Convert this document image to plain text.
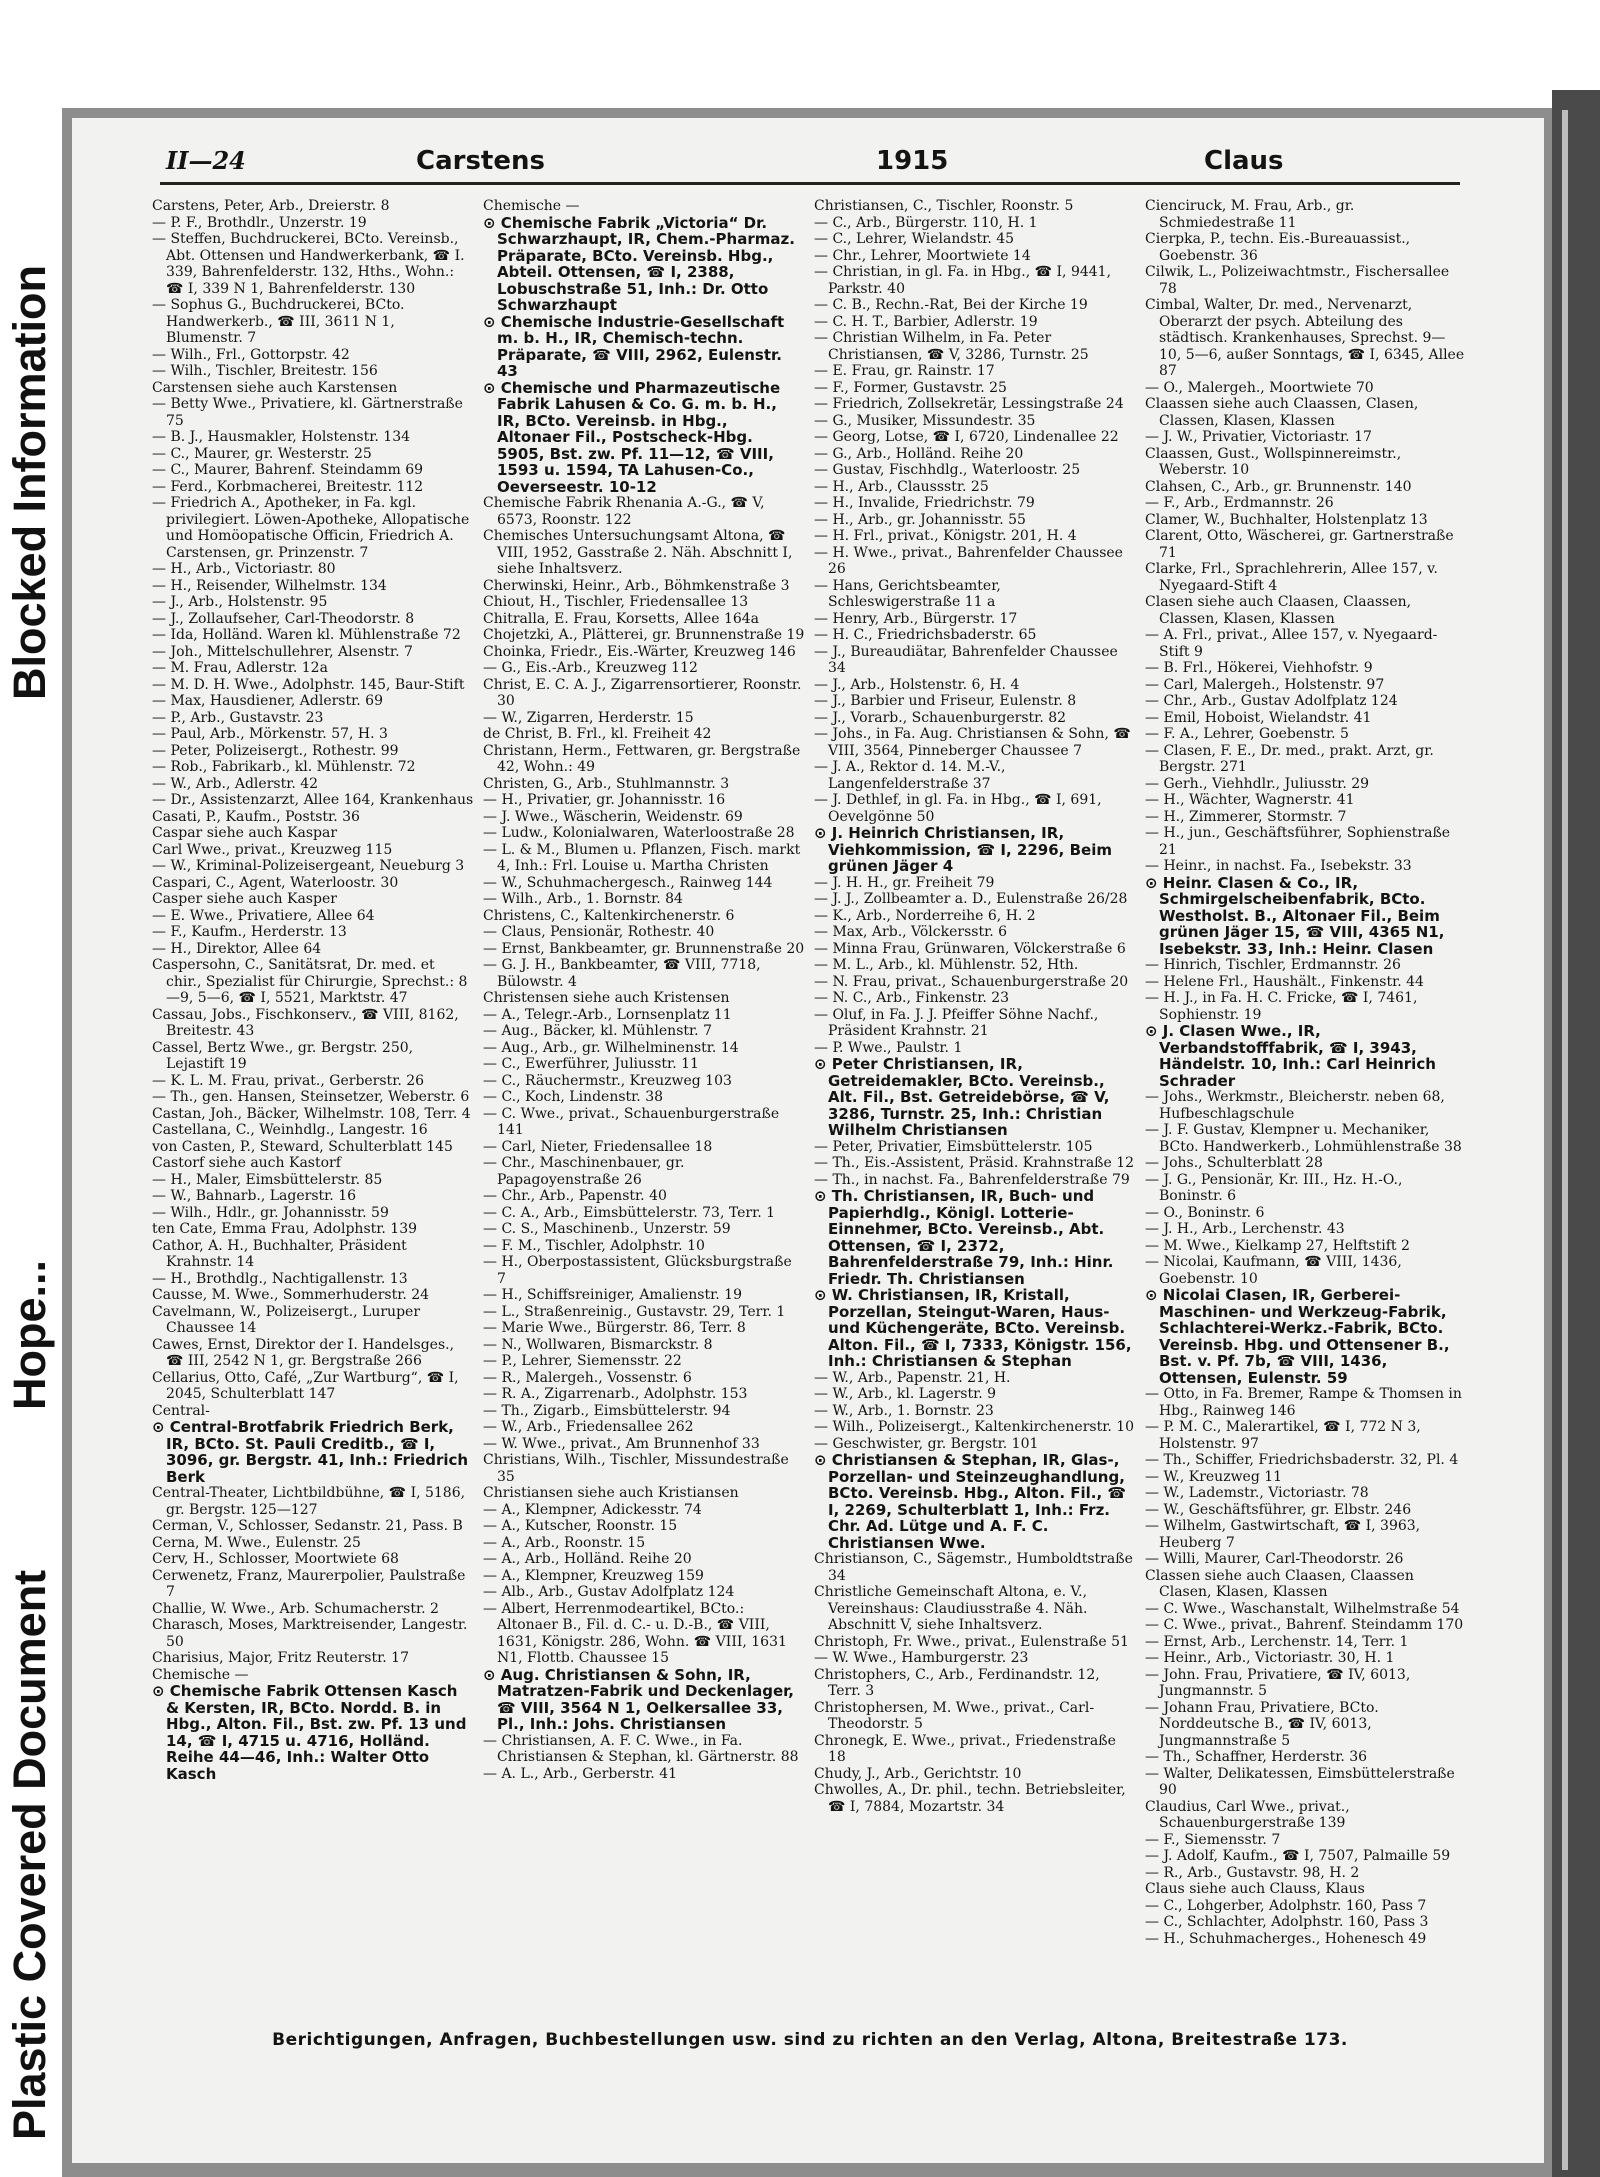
Plastic Covered Document
Hope...
Blocked Information
II—24	Carstens	1915	Claus
Carstens, Peter, Arb., Dreierstr. 8
— P. F., Brothdlr., Unzerstr. 19
— Steffen, Buchdruckerei, BCto. Vereinsb., Abt. Ottensen und Handwerkerbank, ☎ I. 339, Bahrenfelderstr. 132, Hths., Wohn.: ☎ I, 339 N 1, Bahrenfelderstr. 130
— Sophus G., Buchdruckerei, BCto. Handwerkerb., ☎ III, 3611 N 1, Blumenstr. 7
— Wilh., Frl., Gottorpstr. 42
— Wilh., Tischler, Breitestr. 156
Carstensen siehe auch Karstensen
— Betty Wwe., Privatiere, kl. Gärtnerstraße 75
— B. J., Hausmakler, Holstenstr. 134
— C., Maurer, gr. Westerstr. 25
— C., Maurer, Bahrenf. Steindamm 69
— Ferd., Korbmacherei, Breitestr. 112
— Friedrich A., Apotheker, in Fa. kgl. privilegiert. Löwen-Apotheke, Allopatische und Homöopatische Officin, Friedrich A. Carstensen, gr. Prinzenstr. 7
— H., Arb., Victoriastr. 80
— H., Reisender, Wilhelmstr. 134
— J., Arb., Holstenstr. 95
— J., Zollaufseher, Carl-Theodorstr. 8
— Ida, Holländ. Waren kl. Mühlenstraße 72
— Joh., Mittelschullehrer, Alsenstr. 7
— M. Frau, Adlerstr. 12a
— M. D. H. Wwe., Adolphstr. 145, Baur-Stift
— Max, Hausdiener, Adlerstr. 69
— P., Arb., Gustavstr. 23
— Paul, Arb., Mörkenstr. 57, H. 3
— Peter, Polizeisergt., Rothestr. 99
— Rob., Fabrikarb., kl. Mühlenstr. 72
— W., Arb., Adlerstr. 42
— Dr., Assistenzarzt, Allee 164, Krankenhaus
Casati, P., Kaufm., Poststr. 36
Caspar siehe auch Kaspar
Carl Wwe., privat., Kreuzweg 115
— W., Kriminal-Polizeisergeant, Neueburg 3
Caspari, C., Agent, Waterloostr. 30
Casper siehe auch Kasper
— E. Wwe., Privatiere, Allee 64
— F., Kaufm., Herderstr. 13
— H., Direktor, Allee 64
Caspersohn, C., Sanitätsrat, Dr. med. et chir., Spezialist für Chirurgie, Sprechst.: 8—9, 5—6, ☎ I, 5521, Marktstr. 47
Cassau, Jobs., Fischkonserv., ☎ VIII, 8162, Breitestr. 43
Cassel, Bertz Wwe., gr. Bergstr. 250, Lejastift 19
— K. L. M. Frau, privat., Gerberstr. 26
— Th., gen. Hansen, Steinsetzer, Weberstr. 6
Castan, Joh., Bäcker, Wilhelmstr. 108, Terr. 4
Castellana, C., Weinhdlg., Langestr. 16
von Casten, P., Steward, Schulterblatt 145
Castorf siehe auch Kastorf
— H., Maler, Eimsbüttelerstr. 85
— W., Bahnarb., Lagerstr. 16
— Wilh., Hdlr., gr. Johannisstr. 59
ten Cate, Emma Frau, Adolphstr. 139
Cathor, A. H., Buchhalter, Präsident Krahnstr. 14
— H., Brothdlg., Nachtigallenstr. 13
Causse, M. Wwe., Sommerhuderstr. 24
Cavelmann, W., Polizeisergt., Luruper Chaussee 14
Cawes, Ernst, Direktor der I. Handelsges., ☎ III, 2542 N 1, gr. Bergstraße 266
Cellarius, Otto, Café, „Zur Wartburg“, ☎ I, 2045, Schulterblatt 147
Central-
⊙ Central-Brotfabrik Friedrich Berk, IR, BCto. St. Pauli Creditb., ☎ I, 3096, gr. Bergstr. 41, Inh.: Friedrich Berk
Central-Theater, Lichtbildbühne, ☎ I, 5186, gr. Bergstr. 125—127
Cerman, V., Schlosser, Sedanstr. 21, Pass. B
Cerna, M. Wwe., Eulenstr. 25
Cerv, H., Schlosser, Moortwiete 68
Cerwenetz, Franz, Maurerpolier, Paulstraße 7
Challie, W. Wwe., Arb. Schumacherstr. 2
Charasch, Moses, Marktreisender, Langestr. 50
Charisius, Major, Fritz Reuterstr. 17
Chemische —
⊙ Chemische Fabrik Ottensen Kasch & Kersten, IR, BCto. Nordd. B. in Hbg., Alton. Fil., Bst. zw. Pf. 13 und 14, ☎ I, 4715 u. 4716, Holländ. Reihe 44—46, Inh.: Walter Otto Kasch
Chemische —
⊙ Chemische Fabrik „Victoria“ Dr. Schwarzhaupt, IR, Chem.-Pharmaz. Präparate, BCto. Vereinsb. Hbg., Abteil. Ottensen, ☎ I, 2388, Lobuschstraße 51, Inh.: Dr. Otto Schwarzhaupt
⊙ Chemische Industrie-Gesellschaft m. b. H., IR, Chemisch-techn. Präparate, ☎ VIII, 2962, Eulenstr. 43
⊙ Chemische und Pharmazeutische Fabrik Lahusen & Co. G. m. b. H., IR, BCto. Vereinsb. in Hbg., Altonaer Fil., Postscheck-Hbg. 5905, Bst. zw. Pf. 11—12, ☎ VIII, 1593 u. 1594, TA Lahusen-Co., Oeverseestr. 10-12
Chemische Fabrik Rhenania A.-G., ☎ V, 6573, Roonstr. 122
Chemisches Untersuchungsamt Altona, ☎ VIII, 1952, Gasstraße 2. Näh. Abschnitt I, siehe Inhaltsverz.
Cherwinski, Heinr., Arb., Böhmkenstraße 3
Chiout, H., Tischler, Friedensallee 13
Chitralla, E. Frau, Korsetts, Allee 164a
Chojetzki, A., Plätterei, gr. Brunnenstraße 19
Choinka, Friedr., Eis.-Wärter, Kreuzweg 146
— G., Eis.-Arb., Kreuzweg 112
Christ, E. C. A. J., Zigarrensortierer, Roonstr. 30
— W., Zigarren, Herderstr. 15
de Christ, B. Frl., kl. Freiheit 42
Christann, Herm., Fettwaren, gr. Bergstraße 42, Wohn.: 49
Christen, G., Arb., Stuhlmannstr. 3
— H., Privatier, gr. Johannisstr. 16
— J. Wwe., Wäscherin, Weidenstr. 69
— Ludw., Kolonialwaren, Waterloostraße 28
— L. & M., Blumen u. Pflanzen, Fisch. markt 4, Inh.: Frl. Louise u. Martha Christen
— W., Schuhmachergesch., Rainweg 144
— Wilh., Arb., 1. Bornstr. 84
Christens, C., Kaltenkirchenerstr. 6
— Claus, Pensionär, Rothestr. 40
— Ernst, Bankbeamter, gr. Brunnenstraße 20
— G. J. H., Bankbeamter, ☎ VIII, 7718, Bülowstr. 4
Christensen siehe auch Kristensen
— A., Telegr.-Arb., Lornsenplatz 11
— Aug., Bäcker, kl. Mühlenstr. 7
— Aug., Arb., gr. Wilhelminenstr. 14
— C., Ewerführer, Juliusstr. 11
— C., Räuchermstr., Kreuzweg 103
— C., Koch, Lindenstr. 38
— C. Wwe., privat., Schauenburgerstraße 141
— Carl, Nieter, Friedensallee 18
— Chr., Maschinenbauer, gr. Papagoyenstraße 26
— Chr., Arb., Papenstr. 40
— C. A., Arb., Eimsbüttelerstr. 73, Terr. 1
— C. S., Maschinenb., Unzerstr. 59
— F. M., Tischler, Adolphstr. 10
— H., Oberpostassistent, Glücksburgstraße 7
— H., Schiffsreiniger, Amalienstr. 19
— L., Straßenreinig., Gustavstr. 29, Terr. 1
— Marie Wwe., Bürgerstr. 86, Terr. 8
— N., Wollwaren, Bismarckstr. 8
— P., Lehrer, Siemensstr. 22
— R., Malergeh., Vossenstr. 6
— R. A., Zigarrenarb., Adolphstr. 153
— Th., Zigarb., Eimsbüttelerstr. 94
— W., Arb., Friedensallee 262
— W. Wwe., privat., Am Brunnenhof 33
Christians, Wilh., Tischler, Missundestraße 35
Christiansen siehe auch Kristiansen
— A., Klempner, Adickesstr. 74
— A., Kutscher, Roonstr. 15
— A., Arb., Roonstr. 15
— A., Arb., Holländ. Reihe 20
— A., Klempner, Kreuzweg 159
— Alb., Arb., Gustav Adolfplatz 124
— Albert, Herrenmodeartikel, BCto.: Altonaer B., Fil. d. C.- u. D.-B., ☎ VIII, 1631, Königstr. 286, Wohn. ☎ VIII, 1631 N1, Flottb. Chaussee 15
⊙ Aug. Christiansen & Sohn, IR, Matratzen-Fabrik und Deckenlager, ☎ VIII, 3564 N 1, Oelkersallee 33, Pl., Inh.: Johs. Christiansen
— Christiansen, A. F. C. Wwe., in Fa. Christiansen & Stephan, kl. Gärtnerstr. 88
— A. L., Arb., Gerberstr. 41
Christiansen, C., Tischler, Roonstr. 5
— C., Arb., Bürgerstr. 110, H. 1
— C., Lehrer, Wielandstr. 45
— Chr., Lehrer, Moortwiete 14
— Christian, in gl. Fa. in Hbg., ☎ I, 9441, Parkstr. 40
— C. B., Rechn.-Rat, Bei der Kirche 19
— C. H. T., Barbier, Adlerstr. 19
— Christian Wilhelm, in Fa. Peter Christiansen, ☎ V, 3286, Turnstr. 25
— E. Frau, gr. Rainstr. 17
— F., Former, Gustavstr. 25
— Friedrich, Zollsekretär, Lessingstraße 24
— G., Musiker, Missundestr. 35
— Georg, Lotse, ☎ I, 6720, Lindenallee 22
— G., Arb., Holländ. Reihe 20
— Gustav, Fischhdlg., Waterloostr. 25
— H., Arb., Claussstr. 25
— H., Invalide, Friedrichstr. 79
— H., Arb., gr. Johannisstr. 55
— H. Frl., privat., Königstr. 201, H. 4
— H. Wwe., privat., Bahrenfelder Chaussee 26
— Hans, Gerichtsbeamter, Schleswigerstraße 11 a
— Henry, Arb., Bürgerstr. 17
— H. C., Friedrichsbaderstr. 65
— J., Bureaudiätar, Bahrenfelder Chaussee 34
— J., Arb., Holstenstr. 6, H. 4
— J., Barbier und Friseur, Eulenstr. 8
— J., Vorarb., Schauenburgerstr. 82
— Johs., in Fa. Aug. Christiansen & Sohn, ☎ VIII, 3564, Pinneberger Chaussee 7
— J. A., Rektor d. 14. M.-V., Langenfelderstraße 37
— J. Dethlef, in gl. Fa. in Hbg., ☎ I, 691, Oevelgönne 50
⊙ J. Heinrich Christiansen, IR, Viehkommission, ☎ I, 2296, Beim grünen Jäger 4
— J. H. H., gr. Freiheit 79
— J. J., Zollbeamter a. D., Eulenstraße 26/28
— K., Arb., Norderreihe 6, H. 2
— Max, Arb., Völckersstr. 6
— Minna Frau, Grünwaren, Völckerstraße 6
— M. L., Arb., kl. Mühlenstr. 52, Hth.
— N. Frau, privat., Schauenburgerstraße 20
— N. C., Arb., Finkenstr. 23
— Oluf, in Fa. J. J. Pfeiffer Söhne Nachf., Präsident Krahnstr. 21
— P. Wwe., Paulstr. 1
⊙ Peter Christiansen, IR, Getreidemakler, BCto. Vereinsb., Alt. Fil., Bst. Getreidebörse, ☎ V, 3286, Turnstr. 25, Inh.: Christian Wilhelm Christiansen
— Peter, Privatier, Eimsbüttelerstr. 105
— Th., Eis.-Assistent, Präsid. Krahnstraße 12
— Th., in nachst. Fa., Bahrenfelderstraße 79
⊙ Th. Christiansen, IR, Buch- und Papierhdlg., Königl. Lotterie-Einnehmer, BCto. Vereinsb., Abt. Ottensen, ☎ I, 2372, Bahrenfelderstraße 79, Inh.: Hinr. Friedr. Th. Christiansen
⊙ W. Christiansen, IR, Kristall, Porzellan, Steingut-Waren, Haus- und Küchengeräte, BCto. Vereinsb. Alton. Fil., ☎ I, 7333, Königstr. 156, Inh.: Christiansen & Stephan
— W., Arb., Papenstr. 21, H.
— W., Arb., kl. Lagerstr. 9
— W., Arb., 1. Bornstr. 23
— Wilh., Polizeisergt., Kaltenkirchenerstr. 10
— Geschwister, gr. Bergstr. 101
⊙ Christiansen & Stephan, IR, Glas-, Porzellan- und Steinzeughandlung, BCto. Vereinsb. Hbg., Alton. Fil., ☎ I, 2269, Schulterblatt 1, Inh.: Frz. Chr. Ad. Lütge und A. F. C. Christiansen Wwe.
Christianson, C., Sägemstr., Humboldtstraße 34
Christliche Gemeinschaft Altona, e. V., Vereinshaus: Claudiusstraße 4. Näh. Abschnitt V, siehe Inhaltsverz.
Christoph, Fr. Wwe., privat., Eulenstraße 51
— W. Wwe., Hamburgerstr. 23
Christophers, C., Arb., Ferdinandstr. 12, Terr. 3
Christophersen, M. Wwe., privat., Carl-Theodorstr. 5
Chronegk, E. Wwe., privat., Friedenstraße 18
Chudy, J., Arb., Gerichtstr. 10
Chwolles, A., Dr. phil., techn. Betriebsleiter, ☎ I, 7884, Mozartstr. 34
Cienciruck, M. Frau, Arb., gr. Schmiedestraße 11
Cierpka, P., techn. Eis.-Bureauassist., Goebenstr. 36
Cilwik, L., Polizeiwachtmstr., Fischersallee 78
Cimbal, Walter, Dr. med., Nervenarzt, Oberarzt der psych. Abteilung des städtisch. Krankenhauses, Sprechst. 9—10, 5—6, außer Sonntags, ☎ I, 6345, Allee 87
— O., Malergeh., Moortwiete 70
Claassen siehe auch Claassen, Clasen, Classen, Klasen, Klassen
— J. W., Privatier, Victoriastr. 17
Claassen, Gust., Wollspinnereimstr., Weberstr. 10
Clahsen, C., Arb., gr. Brunnenstr. 140
— F., Arb., Erdmannstr. 26
Clamer, W., Buchhalter, Holstenplatz 13
Clarent, Otto, Wäscherei, gr. Gartnerstraße 71
Clarke, Frl., Sprachlehrerin, Allee 157, v. Nyegaard-Stift 4
Clasen siehe auch Claasen, Claassen, Classen, Klasen, Klassen
— A. Frl., privat., Allee 157, v. Nyegaard-Stift 9
— B. Frl., Hökerei, Viehhofstr. 9
— Carl, Malergeh., Holstenstr. 97
— Chr., Arb., Gustav Adolfplatz 124
— Emil, Hoboist, Wielandstr. 41
— F. A., Lehrer, Goebenstr. 5
— Clasen, F. E., Dr. med., prakt. Arzt, gr. Bergstr. 271
— Gerh., Viehhdlr., Juliusstr. 29
— H., Wächter, Wagnerstr. 41
— H., Zimmerer, Stormstr. 7
— H., jun., Geschäftsführer, Sophienstraße 21
— Heinr., in nachst. Fa., Isebekstr. 33
⊙ Heinr. Clasen & Co., IR, Schmirgelscheibenfabrik, BCto. Westholst. B., Altonaer Fil., Beim grünen Jäger 15, ☎ VIII, 4365 N1, Isebekstr. 33, Inh.: Heinr. Clasen
— Hinrich, Tischler, Erdmannstr. 26
— Helene Frl., Haushält., Finkenstr. 44
— H. J., in Fa. H. C. Fricke, ☎ I, 7461, Sophienstr. 19
⊙ J. Clasen Wwe., IR, Verbandstofffabrik, ☎ I, 3943, Händelstr. 10, Inh.: Carl Heinrich Schrader
— Johs., Werkmstr., Bleicherstr. neben 68, Hufbeschlagschule
— J. F. Gustav, Klempner u. Mechaniker, BCto. Handwerkerb., Lohmühlenstraße 38
— Johs., Schulterblatt 28
— J. G., Pensionär, Kr. III., Hz. H.-O., Boninstr. 6
— O., Boninstr. 6
— J. H., Arb., Lerchenstr. 43
— M. Wwe., Kielkamp 27, Helftstift 2
— Nicolai, Kaufmann, ☎ VIII, 1436, Goebenstr. 10
⊙ Nicolai Clasen, IR, Gerberei-Maschinen- und Werkzeug-Fabrik, Schlachterei-Werkz.-Fabrik, BCto. Vereinsb. Hbg. und Ottensener B., Bst. v. Pf. 7b, ☎ VIII, 1436, Ottensen, Eulenstr. 59
— Otto, in Fa. Bremer, Rampe & Thomsen in Hbg., Rainweg 146
— P. M. C., Malerartikel, ☎ I, 772 N 3, Holstenstr. 97
— Th., Schiffer, Friedrichsbaderstr. 32, Pl. 4
— W., Kreuzweg 11
— W., Lademstr., Victoriastr. 78
— W., Geschäftsführer, gr. Elbstr. 246
— Wilhelm, Gastwirtschaft, ☎ I, 3963, Heuberg 7
— Willi, Maurer, Carl-Theodorstr. 26
Classen siehe auch Claasen, Claassen Clasen, Klasen, Klassen
— C. Wwe., Waschanstalt, Wilhelmstraße 54
— C. Wwe., privat., Bahrenf. Steindamm 170
— Ernst, Arb., Lerchenstr. 14, Terr. 1
— Heinr., Arb., Victoriastr. 30, H. 1
— John. Frau, Privatiere, ☎ IV, 6013, Jungmannstr. 5
— Johann Frau, Privatiere, BCto. Norddeutsche B., ☎ IV, 6013, Jungmannstraße 5
— Th., Schaffner, Herderstr. 36
— Walter, Delikatessen, Eimsbüttelerstraße 90
Claudius, Carl Wwe., privat., Schauenburgerstraße 139
— F., Siemensstr. 7
— J. Adolf, Kaufm., ☎ I, 7507, Palmaille 59
— R., Arb., Gustavstr. 98, H. 2
Claus siehe auch Clauss, Klaus
— C., Lohgerber, Adolphstr. 160, Pass 7
— C., Schlachter, Adolphstr. 160, Pass 3
— H., Schuhmacherges., Hohenesch 49
Berichtigungen, Anfragen, Buchbestellungen usw. sind zu richten an den Verlag, Altona, Breitestraße 173.
